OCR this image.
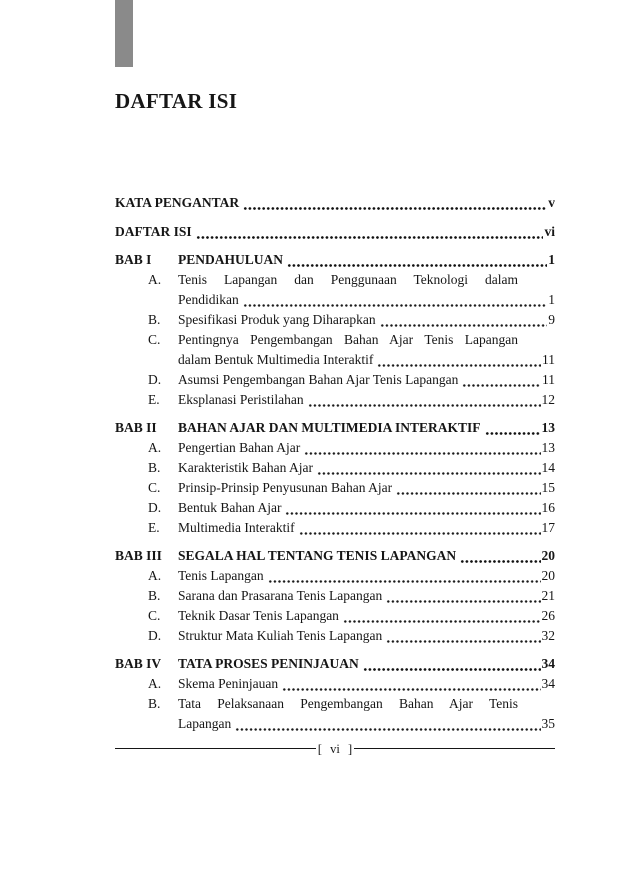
DAFTAR ISI
KATA PENGANTAR	v
DAFTAR ISI	vi
BAB I	PENDAHULUAN	1
A.	Tenis Lapangan dan Penggunaan Teknologi dalam
Pendidikan	1
B.	Spesifikasi Produk yang Diharapkan	9
C.	Pentingnya Pengembangan Bahan Ajar Tenis Lapangan
dalam Bentuk Multimedia Interaktif	11
D.	Asumsi Pengembangan Bahan Ajar Tenis Lapangan	11
E.	Eksplanasi Peristilahan	12
BAB II	BAHAN AJAR DAN MULTIMEDIA INTERAKTIF	13
A.	Pengertian Bahan Ajar	13
B.	Karakteristik Bahan Ajar	14
C.	Prinsip-Prinsip Penyusunan Bahan Ajar	15
D.	Bentuk Bahan Ajar	16
E.	Multimedia Interaktif	17
BAB III	SEGALA HAL TENTANG TENIS LAPANGAN	20
A.	Tenis Lapangan	20
B.	Sarana dan Prasarana Tenis Lapangan	21
C.	Teknik Dasar Tenis Lapangan	26
D.	Struktur Mata Kuliah Tenis Lapangan	32
BAB IV	TATA PROSES PENINJAUAN	34
A.	Skema Peninjauan	34
B.	Tata Pelaksanaan Pengembangan Bahan Ajar Tenis
Lapangan	35
[ vi ]
